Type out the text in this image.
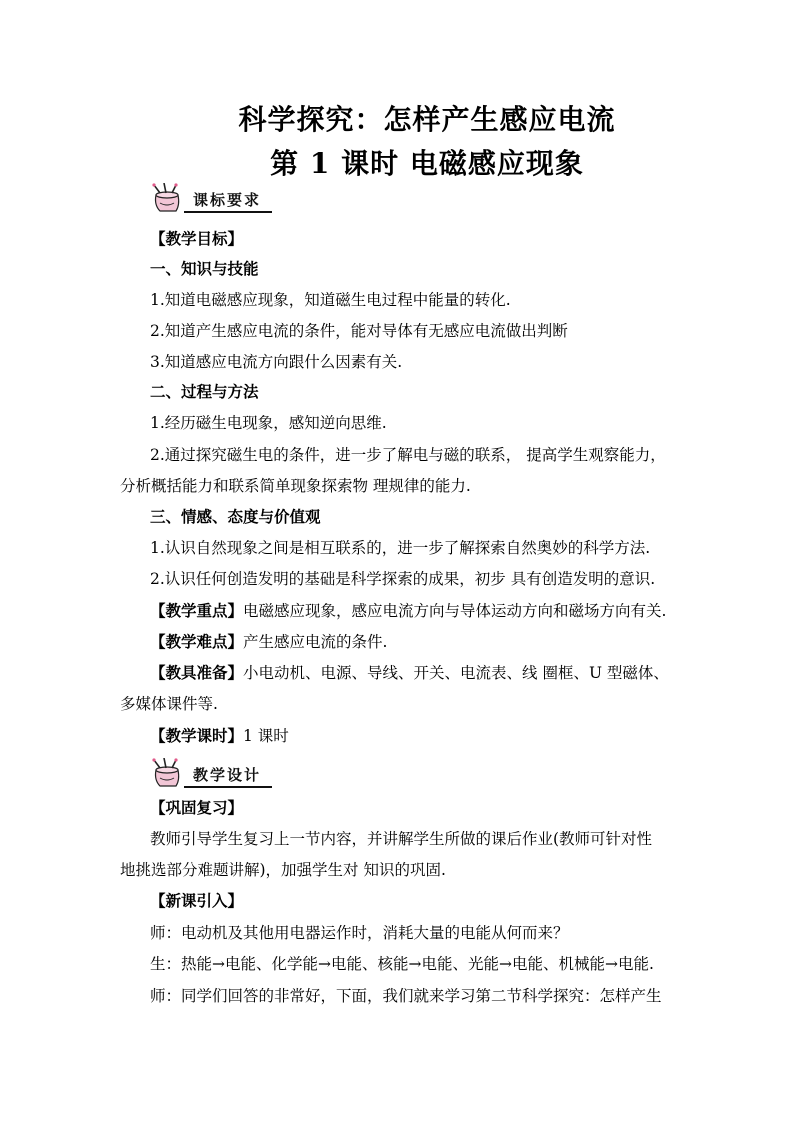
科学探究：怎样产生感应电流
第 1 课时 电磁感应现象
课标要求
【教学目标】
一、知识与技能
1.知道电磁感应现象，知道磁生电过程中能量的转化.
2.知道产生感应电流的条件，能对导体有无感应电流做出判断
3.知道感应电流方向跟什么因素有关.
二、过程与方法
1.经历磁生电现象，感知逆向思维.
2.通过探究磁生电的条件，进一步了解电与磁的联系， 提高学生观察能力，
分析概括能力和联系简单现象探索物 理规律的能力.
三、情感、态度与价值观
1.认识自然现象之间是相互联系的，进一步了解探索自然奥妙的科学方法.
2.认识任何创造发明的基础是科学探索的成果，初步 具有创造发明的意识.
【教学重点】电磁感应现象，感应电流方向与导体运动方向和磁场方向有关.
【教学难点】产生感应电流的条件.
【教具准备】小电动机、电源、导线、开关、电流表、线 圈框、U 型磁体、
多媒体课件等.
【教学课时】1 课时
教学设计
【巩固复习】
教师引导学生复习上一节内容，并讲解学生所做的课后作业(教师可针对性
地挑选部分难题讲解)，加强学生对 知识的巩固.
【新课引入】
师：电动机及其他用电器运作时，消耗大量的电能从何而来？
生：热能→电能、化学能→电能、核能→电能、光能→电能、机械能→电能.
师：同学们回答的非常好，下面，我们就来学习第二节科学探究：怎样产生
